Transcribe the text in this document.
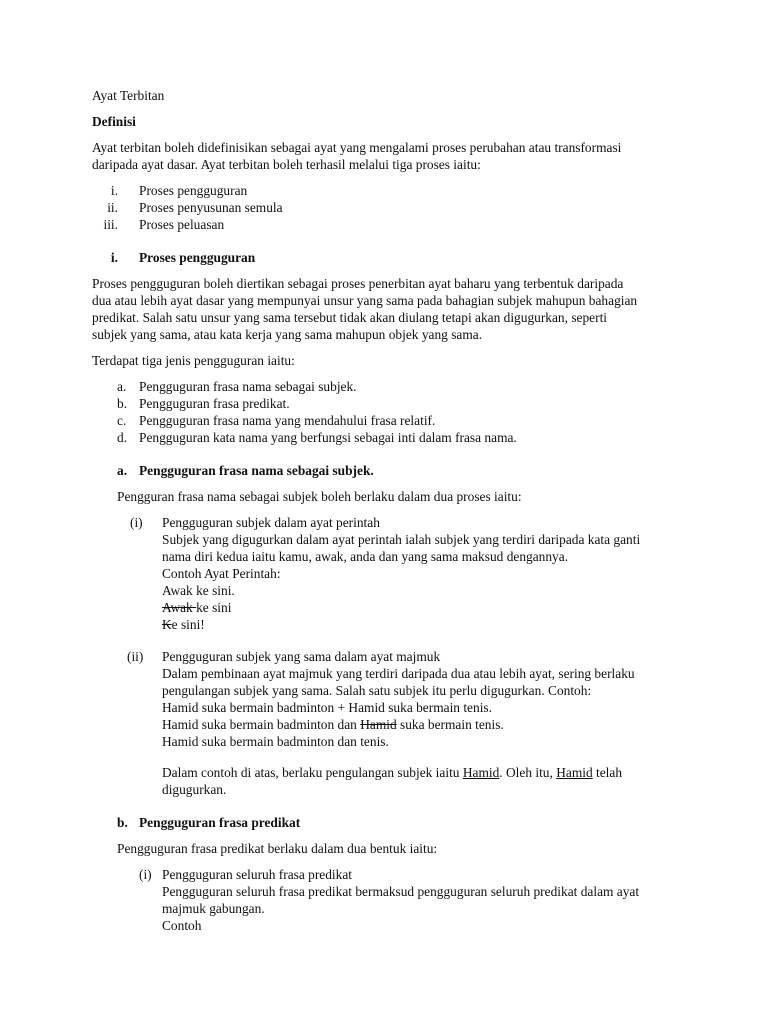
Ayat Terbitan
Definisi
Ayat terbitan boleh didefinisikan sebagai ayat yang mengalami proses perubahan atau transformasi
daripada ayat dasar. Ayat terbitan boleh terhasil melalui tiga proses iaitu:
i. Proses pengguguran
ii. Proses penyusunan semula
iii. Proses peluasan
i. Proses pengguguran
Proses pengguguran boleh diertikan sebagai proses penerbitan ayat baharu yang terbentuk daripada
dua atau lebih ayat dasar yang mempunyai unsur yang sama pada bahagian subjek mahupun bahagian
predikat. Salah satu unsur yang sama tersebut tidak akan diulang tetapi akan digugurkan, seperti
subjek yang sama, atau kata kerja yang sama mahupun objek yang sama.
Terdapat tiga jenis pengguguran iaitu:
a. Pengguguran frasa nama sebagai subjek.
b. Pengguguran frasa predikat.
c. Pengguguran frasa nama yang mendahului frasa relatif.
d. Pengguguran kata nama yang berfungsi sebagai inti dalam frasa nama.
a. Pengguguran frasa nama sebagai subjek.
Pengguran frasa nama sebagai subjek boleh berlaku dalam dua proses iaitu:
(i) Pengguguran subjek dalam ayat perintah
Subjek yang digugurkan dalam ayat perintah ialah subjek yang terdiri daripada kata ganti
nama diri kedua iaitu kamu, awak, anda dan yang sama maksud dengannya.
Contoh Ayat Perintah:
Awak ke sini.
Awak ke sini
Ke sini!
(ii) Pengguguran subjek yang sama dalam ayat majmuk
Dalam pembinaan ayat majmuk yang terdiri daripada dua atau lebih ayat, sering berlaku
pengulangan subjek yang sama. Salah satu subjek itu perlu digugurkan. Contoh:
Hamid suka bermain badminton + Hamid suka bermain tenis.
Hamid suka bermain badminton dan Hamid suka bermain tenis.
Hamid suka bermain badminton dan tenis.
Dalam contoh di atas, berlaku pengulangan subjek iaitu Hamid. Oleh itu, Hamid telah
digugurkan.
b. Pengguguran frasa predikat
Pengguguran frasa predikat berlaku dalam dua bentuk iaitu:
(i) Pengguguran seluruh frasa predikat
Pengguguran seluruh frasa predikat bermaksud pengguguran seluruh predikat dalam ayat
majmuk gabungan.
Contoh
